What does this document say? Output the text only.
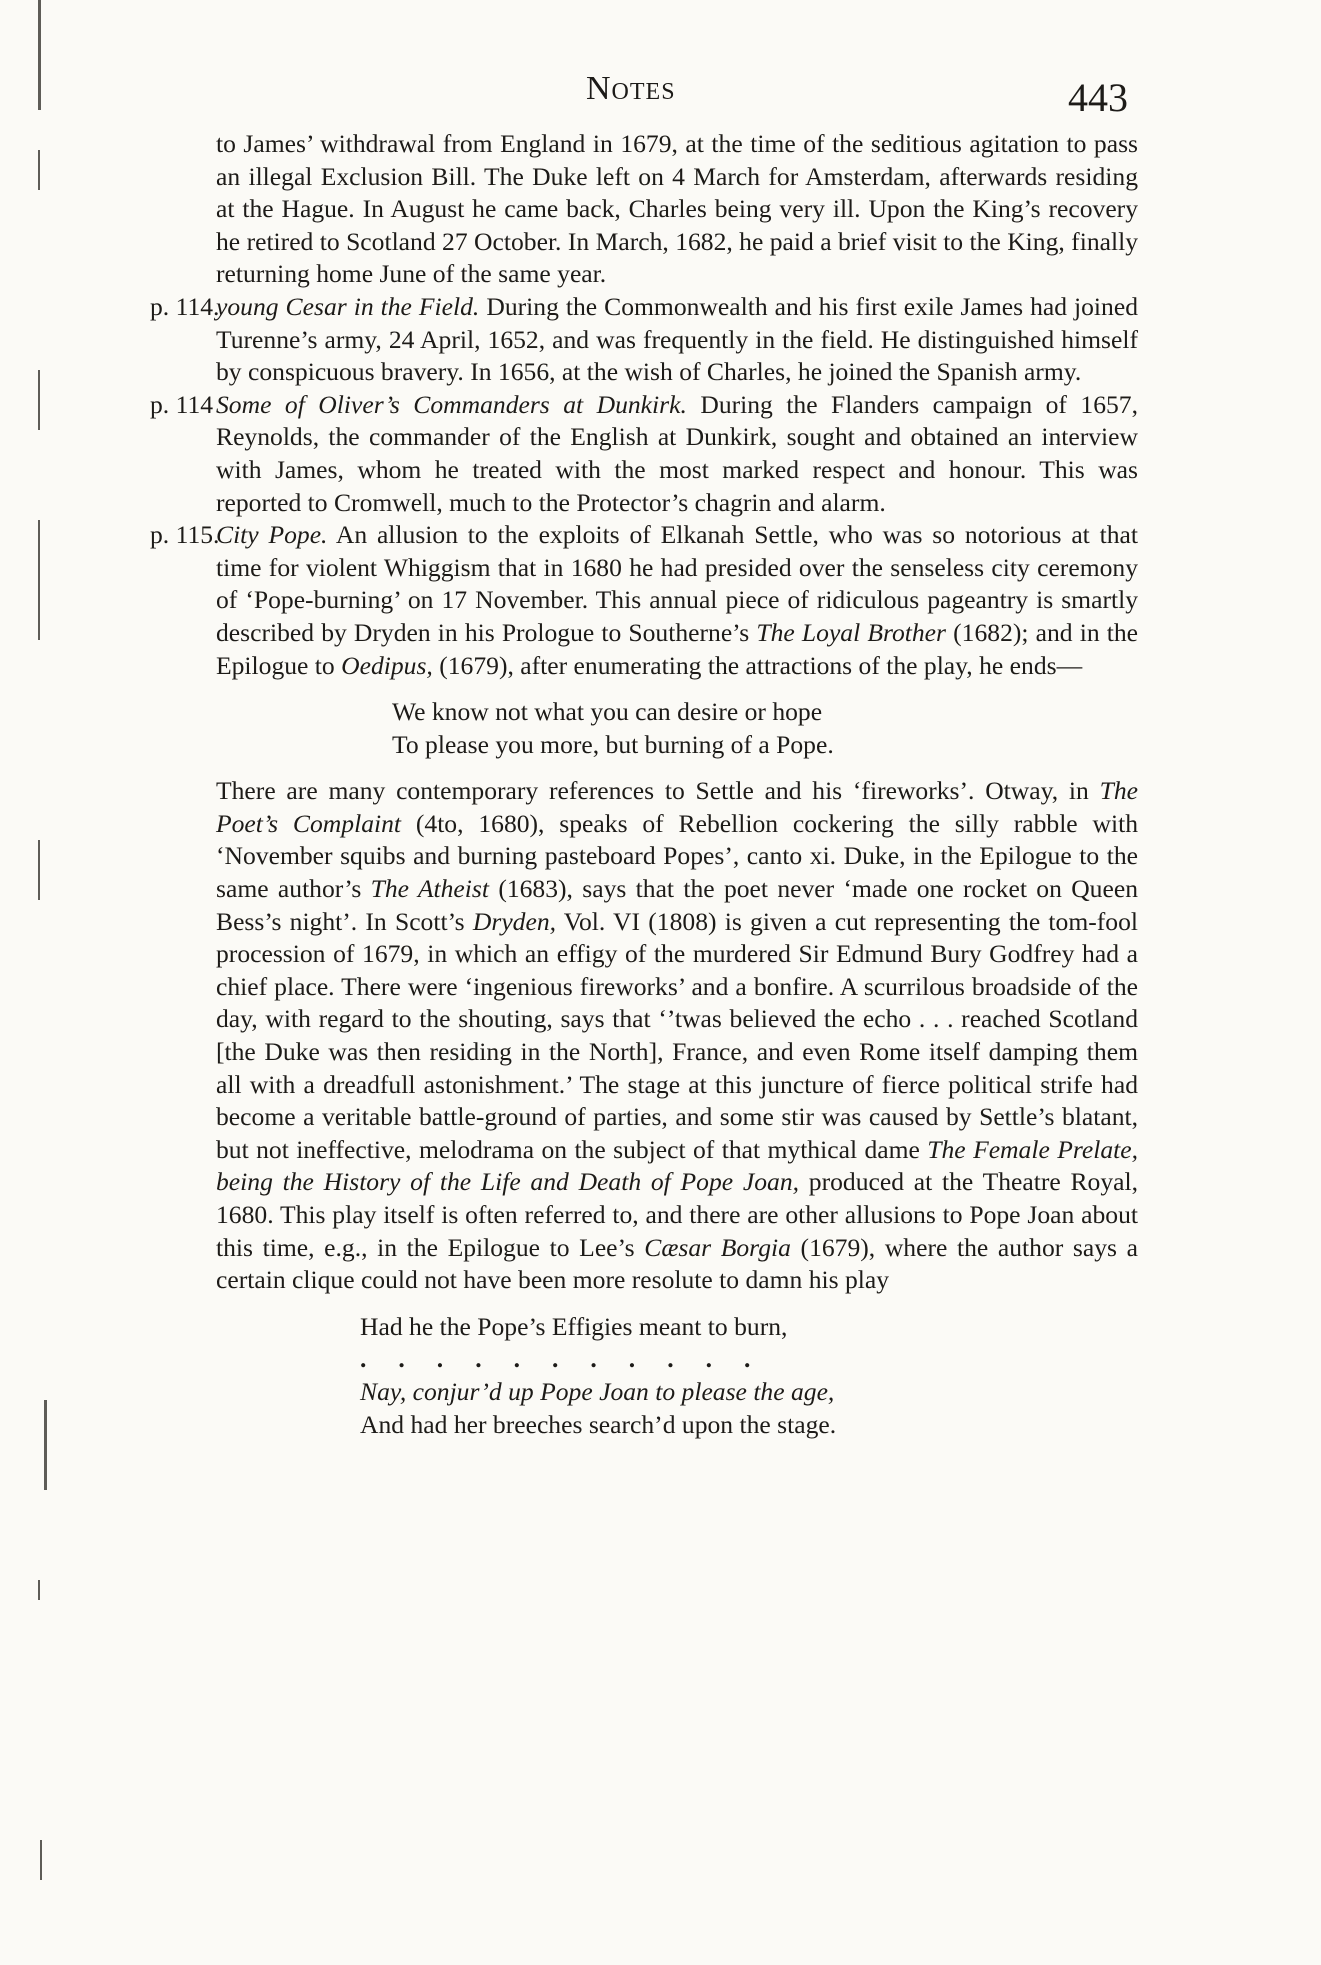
Notes	443

to James’ withdrawal from England in 1679, at the time of the seditious agitation to pass an illegal Exclusion Bill. The Duke left on 4 March for Amsterdam, afterwards residing at the Hague. In August he came back, Charles being very ill. Upon the King’s recovery he retired to Scotland 27 October. In March, 1682, he paid a brief visit to the King, finally returning home June of the same year.

p. 114.
young Cesar in the Field. During the Commonwealth and his first exile James had joined Turenne’s army, 24 April, 1652, and was frequently in the field. He distinguished himself by conspicuous bravery. In 1656, at the wish of Charles, he joined the Spanish army.

p. 114 Some of Oliver’s Commanders at Dunkirk. During the Flanders campaign of 1657, Reynolds, the commander of the English at Dunkirk, sought and obtained an interview with James, whom he treated with the most marked respect and honour. This was reported to Cromwell, much to the Protector’s chagrin and alarm.

p. 115.
City Pope. An allusion to the exploits of Elkanah Settle, who was so notorious at that time for violent Whiggism that in 1680 he had presided over the senseless city ceremony of ‘Pope-burning’ on 17 November. This annual piece of ridiculous pageantry is smartly described by Dryden in his Prologue to Southerne’s The Loyal Brother (1682); and in the Epilogue to Oedipus, (1679), after enumerating the attractions of the play, he ends—

We know not what you can desire or hope
To please you more, but burning of a Pope.

There are many contemporary references to Settle and his ‘fireworks’. Otway, in The Poet’s Complaint (4to, 1680), speaks of Rebellion cockering the silly rabble with ‘November squibs and burning pasteboard Popes’, canto xi. Duke, in the Epilogue to the same author’s The Atheist (1683), says that the poet never ‘made one rocket on Queen Bess’s night’. In Scott’s Dryden, Vol. VI (1808) is given a cut representing the tom-fool procession of 1679, in which an effigy of the murdered Sir Edmund Bury Godfrey had a chief place. There were ‘ingenious fireworks’ and a bonfire. A scurrilous broadside of the day, with regard to the shouting, says that ‘’twas believed the echo . . . reached Scotland [the Duke was then residing in the North], France, and even Rome itself damping them all with a dreadfull astonishment.’ The stage at this juncture of fierce political strife had become a veritable battle-ground of parties, and some stir was caused by Settle’s blatant, but not ineffective, melodrama on the subject of that mythical dame The Female Prelate, being the History of the Life and Death of Pope Joan, produced at the Theatre Royal, 1680. This play itself is often referred to, and there are other allusions to Pope Joan about this time, e.g., in the Epilogue to Lee’s Cæsar Borgia (1679), where the author says a certain clique could not have been more resolute to damn his play

Had he the Pope’s Effigies meant to burn,
...........
Nay, conjur’d up Pope Joan to please the age,
And had her breeches search’d upon the stage.
